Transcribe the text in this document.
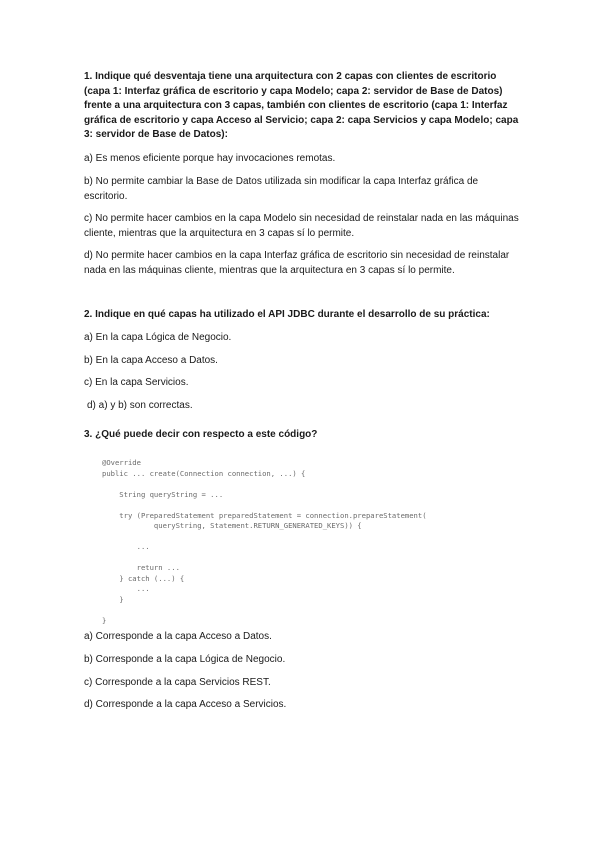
1. Indique qué desventaja tiene una arquitectura con 2 capas con clientes de escritorio (capa 1: Interfaz gráfica de escritorio y capa Modelo; capa 2: servidor de Base de Datos) frente a una arquitectura con 3 capas, también con clientes de escritorio (capa 1: Interfaz gráfica de escritorio y capa Acceso al Servicio; capa 2: capa Servicios y capa Modelo; capa 3: servidor de Base de Datos):

a) Es menos eficiente porque hay invocaciones remotas.

b) No permite cambiar la Base de Datos utilizada sin modificar la capa Interfaz gráfica de escritorio.

c) No permite hacer cambios en la capa Modelo sin necesidad de reinstalar nada en las máquinas cliente, mientras que la arquitectura en 3 capas sí lo permite.

d) No permite hacer cambios en la capa Interfaz gráfica de escritorio sin necesidad de reinstalar nada en las máquinas cliente, mientras que la arquitectura en 3 capas sí lo permite.

2. Indique en qué capas ha utilizado el API JDBC durante el desarrollo de su práctica:

a) En la capa Lógica de Negocio.

b) En la capa Acceso a Datos.

c) En la capa Servicios.

d) a) y b) son correctas.

3. ¿Qué puede decir con respecto a este código?

@Override
public ... create(Connection connection, ...) {

String queryString = ...

try (PreparedStatement preparedStatement = connection.prepareStatement(
queryString, Statement.RETURN_GENERATED_KEYS)) {

...

return ...
} catch (...) {
...
}

}

a) Corresponde a la capa Acceso a Datos.

b) Corresponde a la capa Lógica de Negocio.

c) Corresponde a la capa Servicios REST.

d) Corresponde a la capa Acceso a Servicios.
